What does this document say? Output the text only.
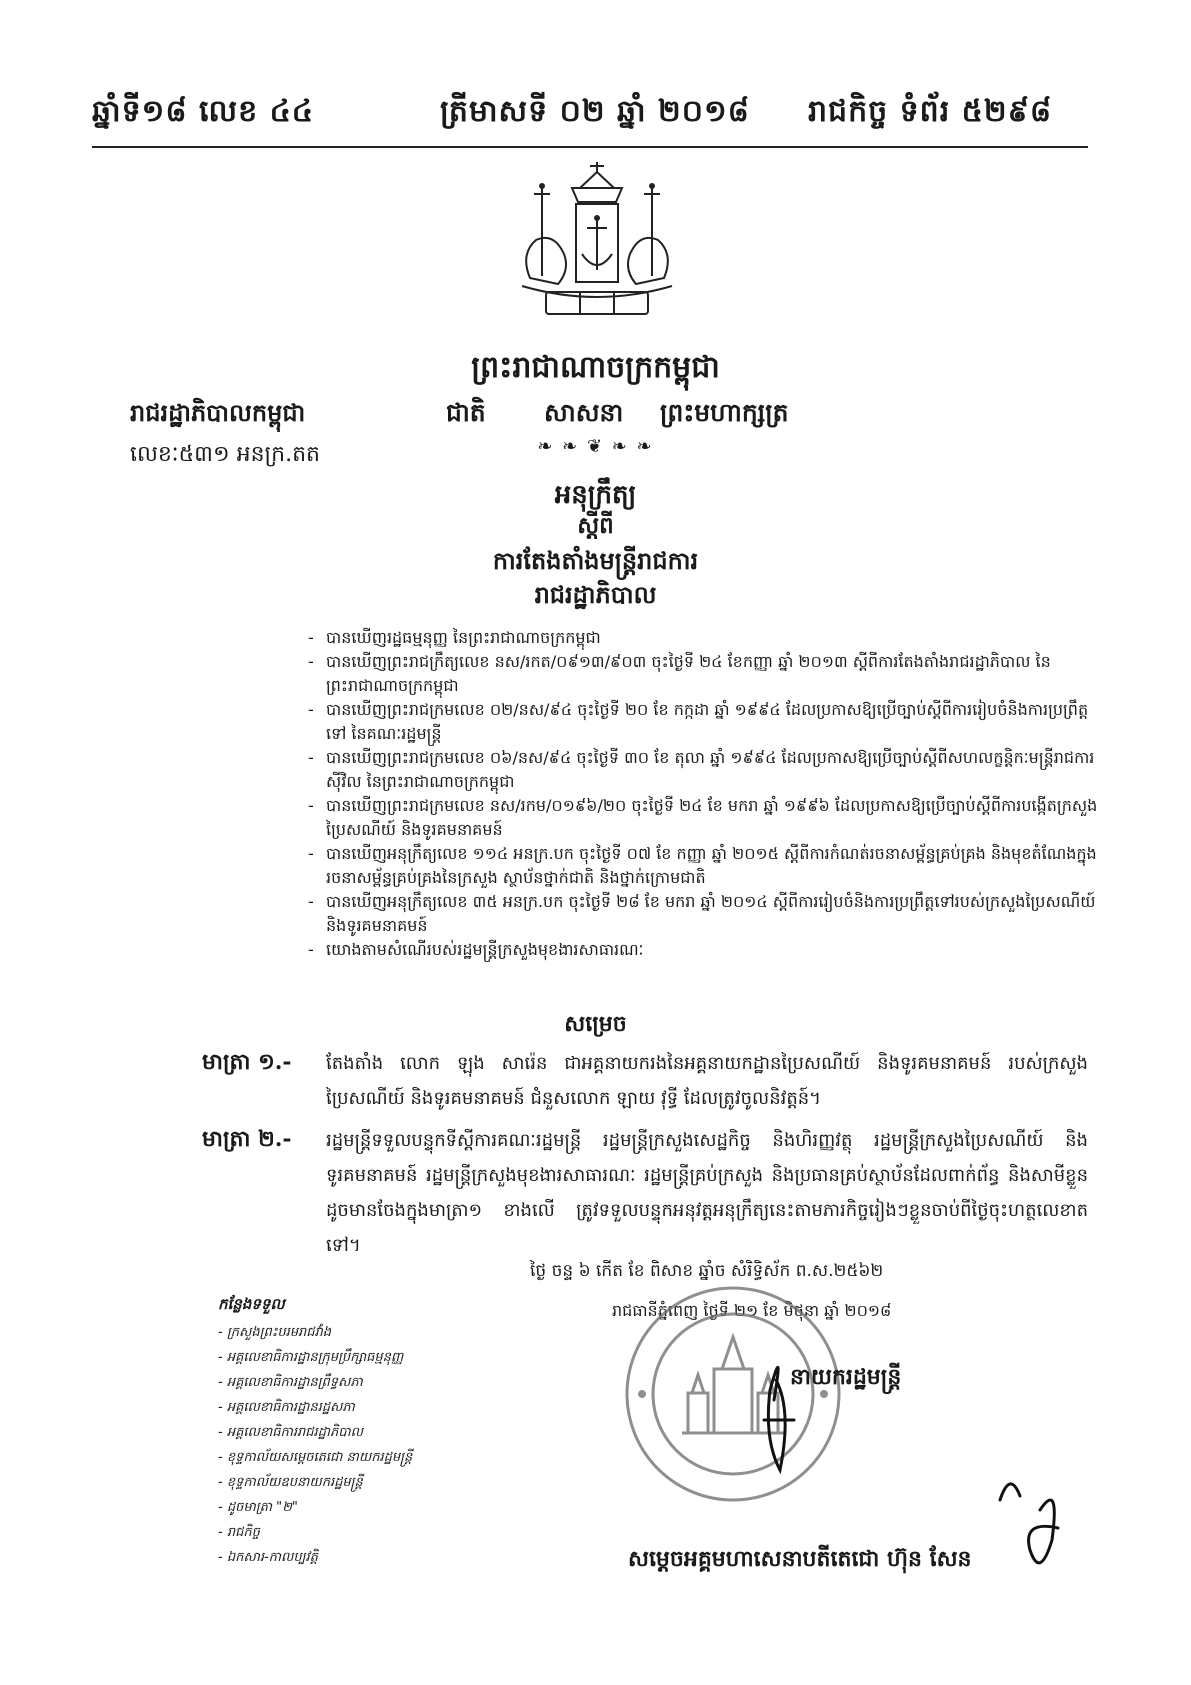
ឆ្នាំទី១៨ លេខ ៤៤	ត្រីមាសទី ០២ ឆ្នាំ ២០១៨ រាជកិច្ច ទំព័រ ៥២៩៨
ព្រះរាជាណាចក្រកម្ពុជា
រាជរដ្ឋាភិបាលកម្ពុជា
លេខៈ៥៣១ អនក្រ.តត
ជាតិ សាសនា ព្រះមហាក្សត្រ
❧ ❧ ❦ ❧ ❧
អនុក្រឹត្យ
ស្តីពី
ការតែងតាំងមន្ត្រីរាជការ
រាជរដ្ឋាភិបាល

- បានឃើញរដ្ឋធម្មនុញ្ញ នៃព្រះរាជាណាចក្រកម្ពុជា

- បានឃើញព្រះរាជក្រឹត្យលេខ នស/រកត/០៩១៣/៩០៣ ចុះថ្ងៃទី ២៤ ខែកញ្ញា ឆ្នាំ ២០១៣ ស្តីពីការតែងតាំងរាជរដ្ឋាភិបាល នៃព្រះរាជាណាចក្រកម្ពុជា

- បានឃើញព្រះរាជក្រមលេខ ០២/នស/៩៤ ចុះថ្ងៃទី ២០ ខែ កក្កដា ឆ្នាំ ១៩៩៤ ដែលប្រកាសឱ្យប្រើច្បាប់ស្តីពីការរៀបចំនិងការប្រព្រឹត្តទៅ នៃគណៈរដ្ឋមន្ត្រី

- បានឃើញព្រះរាជក្រមលេខ ០៦/នស/៩៤ ចុះថ្ងៃទី ៣០ ខែ តុលា ឆ្នាំ ១៩៩៤ ដែលប្រកាសឱ្យប្រើច្បាប់ស្តីពីសហលក្ខន្តិកៈមន្ត្រីរាជការស៊ីវិល នៃព្រះរាជាណាចក្រកម្ពុជា

- បានឃើញព្រះរាជក្រមលេខ នស/រកម/០១៩៦/២០ ចុះថ្ងៃទី ២៤ ខែ មករា ឆ្នាំ ១៩៩៦ ដែលប្រកាសឱ្យប្រើច្បាប់ស្តីពីការបង្កើតក្រសួងប្រៃសណីយ៍ និងទូរគមនាគមន៍

- បានឃើញអនុក្រឹត្យលេខ ១១៤ អនក្រ.បក ចុះថ្ងៃទី ០៧ ខែ កញ្ញា ឆ្នាំ ២០១៥ ស្តីពីការកំណត់រចនាសម្ព័ន្ធគ្រប់គ្រង និងមុខតំណែងក្នុងរចនាសម្ព័ន្ធគ្រប់គ្រងនៃក្រសួង ស្ថាប័នថ្នាក់ជាតិ និងថ្នាក់ក្រោមជាតិ

- បានឃើញអនុក្រឹត្យលេខ ៣៥ អនក្រ.បក ចុះថ្ងៃទី ២៨ ខែ មករា ឆ្នាំ ២០១៤ ស្តីពីការរៀបចំនិងការប្រព្រឹត្តទៅរបស់ក្រសួងប្រៃសណីយ៍ និងទូរគមនាគមន៍

- យោងតាមសំណើរបស់រដ្ឋមន្ត្រីក្រសួងមុខងារសាធារណៈ

សម្រេច
មាត្រា ១.- តែងតាំង លោក ឡុង សារ៉េន ជាអគ្គនាយករងនៃអគ្គនាយកដ្ឋានប្រៃសណីយ៍ និងទូរគមនាគមន៍ របស់ក្រសួងប្រៃសណីយ៍ និងទូរគមនាគមន៍ ជំនួសលោក ឡាយ វុទ្ធី ដែលត្រូវចូលនិវត្តន៍។
មាត្រា ២.- រដ្ឋមន្ត្រីទទួលបន្ទុកទីស្តីការគណៈរដ្ឋមន្ត្រី រដ្ឋមន្ត្រីក្រសួងសេដ្ឋកិច្ច និងហិរញ្ញវត្ថុ រដ្ឋមន្ត្រីក្រសួងប្រៃសណីយ៍ និងទូរគមនាគមន៍ រដ្ឋមន្ត្រីក្រសួងមុខងារសាធារណៈ រដ្ឋមន្ត្រីគ្រប់ក្រសួង និងប្រធានគ្រប់ស្ថាប័នដែលពាក់ព័ន្ធ និងសាមីខ្លួនដូចមានចែងក្នុងមាត្រា១ ខាងលើ ត្រូវទទួលបន្ទុកអនុវត្តអនុក្រឹត្យនេះតាមភារកិច្ចរៀងៗខ្លួនចាប់ពីថ្ងៃចុះហត្ថលេខាតទៅ។
ថ្ងៃ ចន្ទ ៦ កើត ខែ ពិសាខ ឆ្នាំច សំរិទ្ធិស័ក ព.ស.២៥៦២
រាជធានីភ្នំពេញ ថ្ងៃទី ២១ ខែ មិថុនា ឆ្នាំ ២០១៨
កន្លែងទទួល
- ក្រសួងព្រះបរមរាជវាំង
- អគ្គលេខាធិការដ្ឋានក្រុមប្រឹក្សាធម្មនុញ្ញ
- អគ្គលេខាធិការដ្ឋានព្រឹទ្ធសភា
- អគ្គលេខាធិការដ្ឋានរដ្ឋសភា
- អគ្គលេខាធិការរាជរដ្ឋាភិបាល
- ខុទ្ទកាល័យសម្តេចតេជោ នាយករដ្ឋមន្ត្រី
- ខុទ្ទកាល័យឧបនាយករដ្ឋមន្ត្រី
- ដូចមាត្រា "២"
- រាជកិច្ច
- ឯកសារ-កាលប្បវត្តិ
នាយករដ្ឋមន្ត្រី
សម្តេចអគ្គមហាសេនាបតីតេជោ ហ៊ុន សែន
